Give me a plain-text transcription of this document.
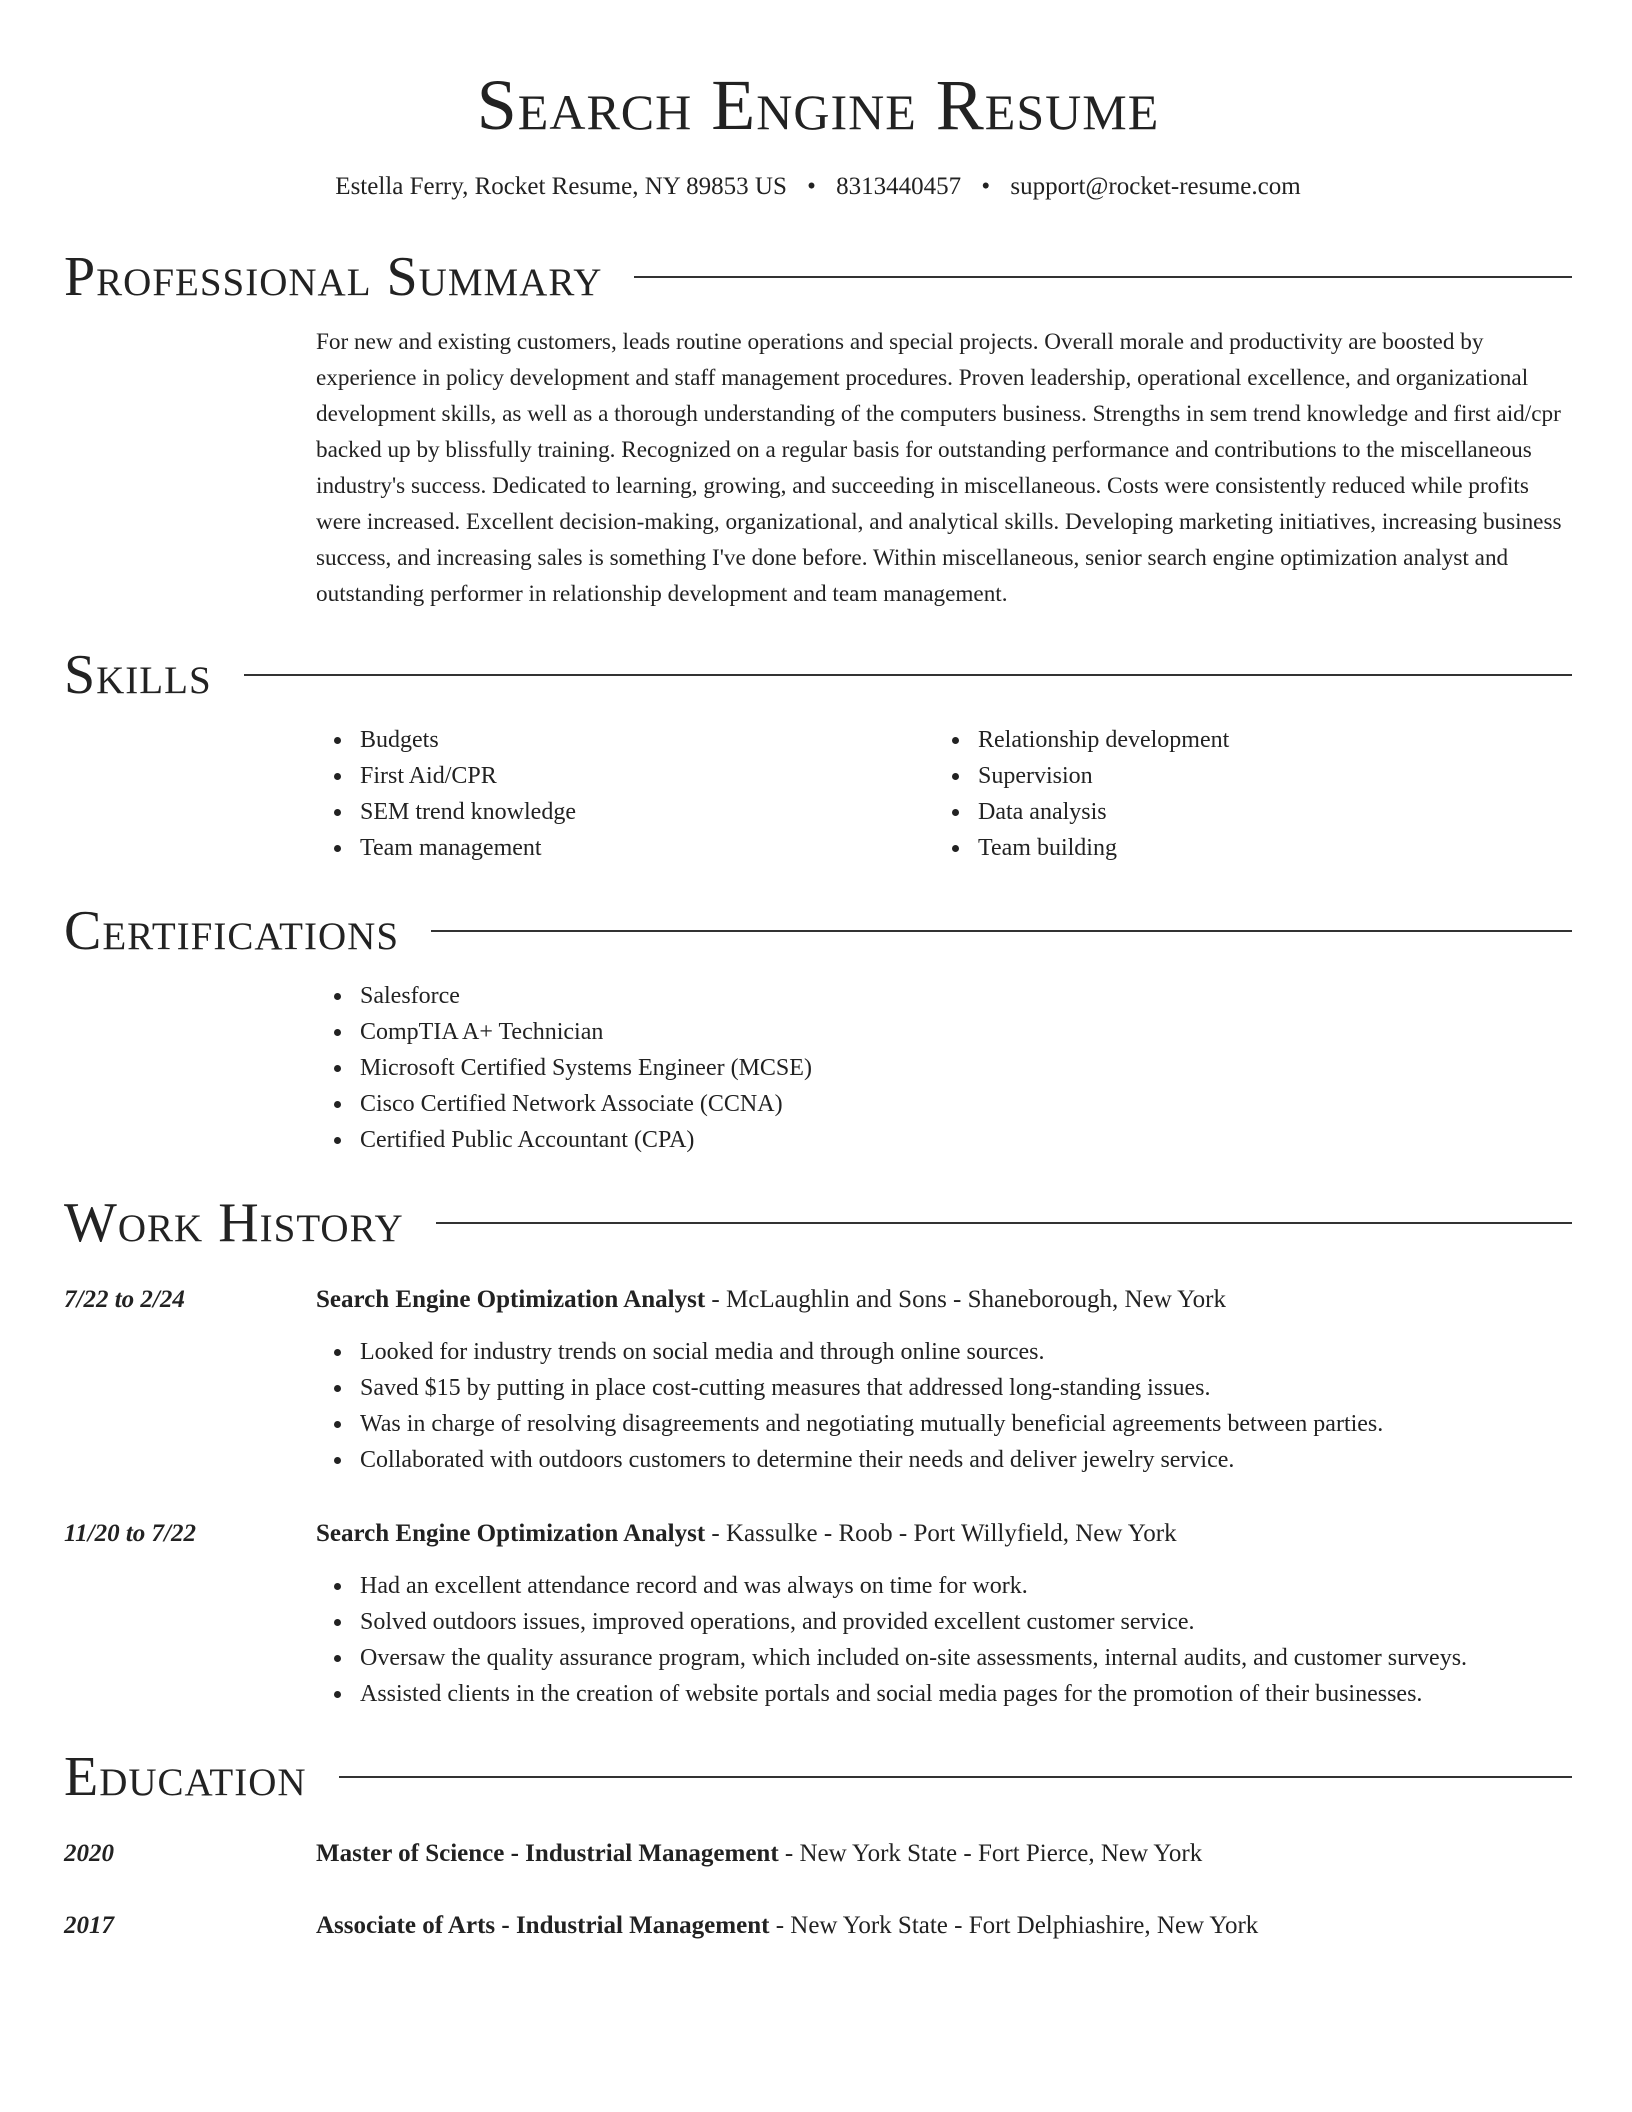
Search Engine Resume
Estella Ferry, Rocket Resume, NY 89853 US • 8313440457 • support@rocket-resume.com
Professional Summary

For new and existing customers, leads routine operations and special projects. Overall morale and productivity are boosted by experience in policy development and staff management procedures. Proven leadership, operational excellence, and organizational development skills, as well as a thorough understanding of the computers business. Strengths in sem trend knowledge and first aid/cpr backed up by blissfully training. Recognized on a regular basis for outstanding performance and contributions to the miscellaneous industry's success. Dedicated to learning, growing, and succeeding in miscellaneous. Costs were consistently reduced while profits were increased. Excellent decision-making, organizational, and analytical skills. Developing marketing initiatives, increasing business success, and increasing sales is something I've done before. Within miscellaneous, senior search engine optimization analyst and outstanding performer in relationship development and team management.

Skills
Budgets
First Aid/CPR
SEM trend knowledge
Team management
Relationship development
Supervision
Data analysis
Team building
Certifications
Salesforce
CompTIA A+ Technician
Microsoft Certified Systems Engineer (MCSE)
Cisco Certified Network Associate (CCNA)
Certified Public Accountant (CPA)
Work History
7/22 to 2/24	Search Engine Optimization Analyst - McLaughlin and Sons - Shaneborough, New York
Looked for industry trends on social media and through online sources.
Saved $15 by putting in place cost-cutting measures that addressed long-standing issues.
Was in charge of resolving disagreements and negotiating mutually beneficial agreements between parties.
Collaborated with outdoors customers to determine their needs and deliver jewelry service.
11/20 to 7/22	Search Engine Optimization Analyst - Kassulke - Roob - Port Willyfield, New York
Had an excellent attendance record and was always on time for work.
Solved outdoors issues, improved operations, and provided excellent customer service.
Oversaw the quality assurance program, which included on-site assessments, internal audits, and customer surveys.
Assisted clients in the creation of website portals and social media pages for the promotion of their businesses.
Education
2020	Master of Science - Industrial Management - New York State - Fort Pierce, New York
2017	Associate of Arts - Industrial Management - New York State - Fort Delphiashire, New York
